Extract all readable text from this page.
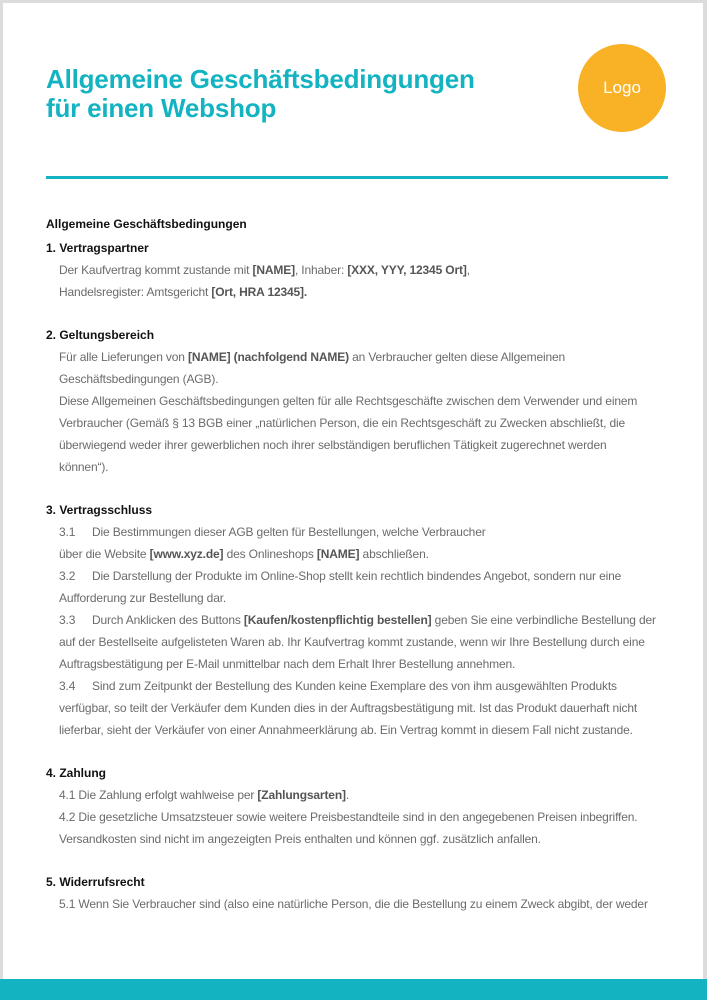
Allgemeine Geschäftsbedingungen
für einen Webshop
Logo

Allgemeine Geschäftsbedingungen

1. Vertragspartner

Der Kaufvertrag kommt zustande mit [NAME], Inhaber: [XXX, YYY, 12345 Ort],

Handelsregister: Amtsgericht [Ort, HRA 12345].

2. Geltungsbereich

Für alle Lieferungen von [NAME] (nachfolgend NAME) an Verbraucher gelten diese Allgemeinen

Geschäftsbedingungen (AGB).

Diese Allgemeinen Geschäftsbedingungen gelten für alle Rechtsgeschäfte zwischen dem Verwender und einem

Verbraucher (Gemäß § 13 BGB einer „natürlichen Person, die ein Rechtsgeschäft zu Zwecken abschließt, die

überwiegend weder ihrer gewerblichen noch ihrer selbständigen beruflichen Tätigkeit zugerechnet werden

können“).

3. Vertragsschluss

3.1 Die Bestimmungen dieser AGB gelten für Bestellungen, welche Verbraucher

über die Website [www.xyz.de] des Onlineshops [NAME] abschließen.

3.2 Die Darstellung der Produkte im Online-Shop stellt kein rechtlich bindendes Angebot, sondern nur eine

Aufforderung zur Bestellung dar.

3.3 Durch Anklicken des Buttons [Kaufen/kostenpflichtig bestellen] geben Sie eine verbindliche Bestellung der

auf der Bestellseite aufgelisteten Waren ab. Ihr Kaufvertrag kommt zustande, wenn wir Ihre Bestellung durch eine

Auftragsbestätigung per E-Mail unmittelbar nach dem Erhalt Ihrer Bestellung annehmen.

3.4 Sind zum Zeitpunkt der Bestellung des Kunden keine Exemplare des von ihm ausgewählten Produkts

verfügbar, so teilt der Verkäufer dem Kunden dies in der Auftragsbestätigung mit. Ist das Produkt dauerhaft nicht

lieferbar, sieht der Verkäufer von einer Annahmeerklärung ab. Ein Vertrag kommt in diesem Fall nicht zustande.

4. Zahlung

4.1 Die Zahlung erfolgt wahlweise per [Zahlungsarten].

4.2 Die gesetzliche Umsatzsteuer sowie weitere Preisbestandteile sind in den angegebenen Preisen inbegriffen.

Versandkosten sind nicht im angezeigten Preis enthalten und können ggf. zusätzlich anfallen.

5. Widerrufsrecht

5.1 Wenn Sie Verbraucher sind (also eine natürliche Person, die die Bestellung zu einem Zweck abgibt, der weder
